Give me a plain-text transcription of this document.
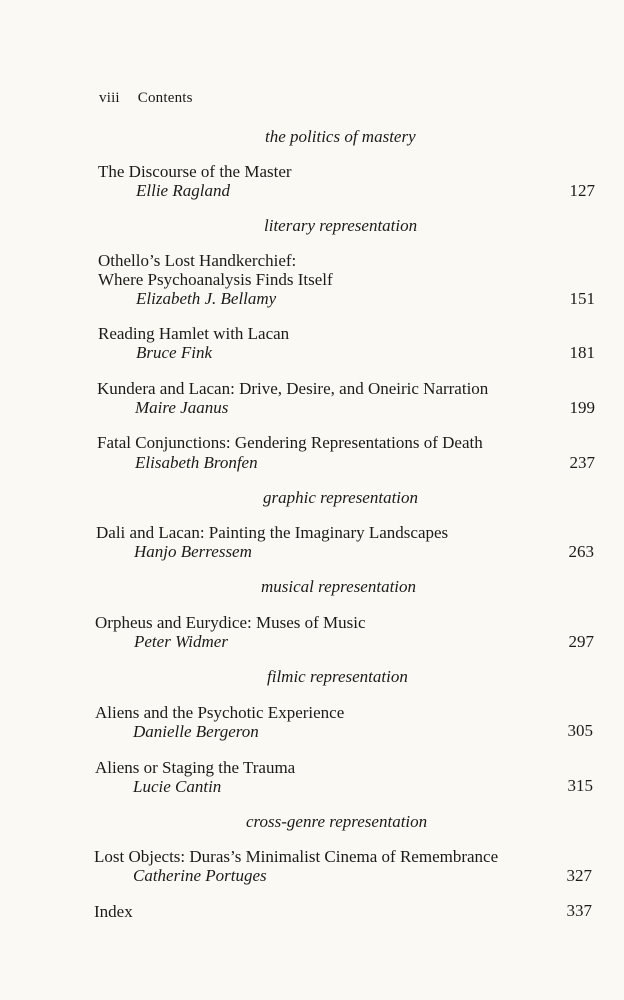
viii Contents
the politics of mastery
The Discourse of the Master
Ellie Ragland	127
literary representation
Othello’s Lost Handkerchief:
Where Psychoanalysis Finds Itself
Elizabeth J. Bellamy	151
Reading Hamlet with Lacan
Bruce Fink	181
Kundera and Lacan: Drive, Desire, and Oneiric Narration
Maire Jaanus	199
Fatal Conjunctions: Gendering Representations of Death
Elisabeth Bronfen	237
graphic representation
Dali and Lacan: Painting the Imaginary Landscapes
Hanjo Berressem	263
musical representation
Orpheus and Eurydice: Muses of Music
Peter Widmer	297
filmic representation
Aliens and the Psychotic Experience
Danielle Bergeron	305
Aliens or Staging the Trauma
Lucie Cantin	315
cross-genre representation
Lost Objects: Duras’s Minimalist Cinema of Remembrance
Catherine Portuges	327
Index	337
